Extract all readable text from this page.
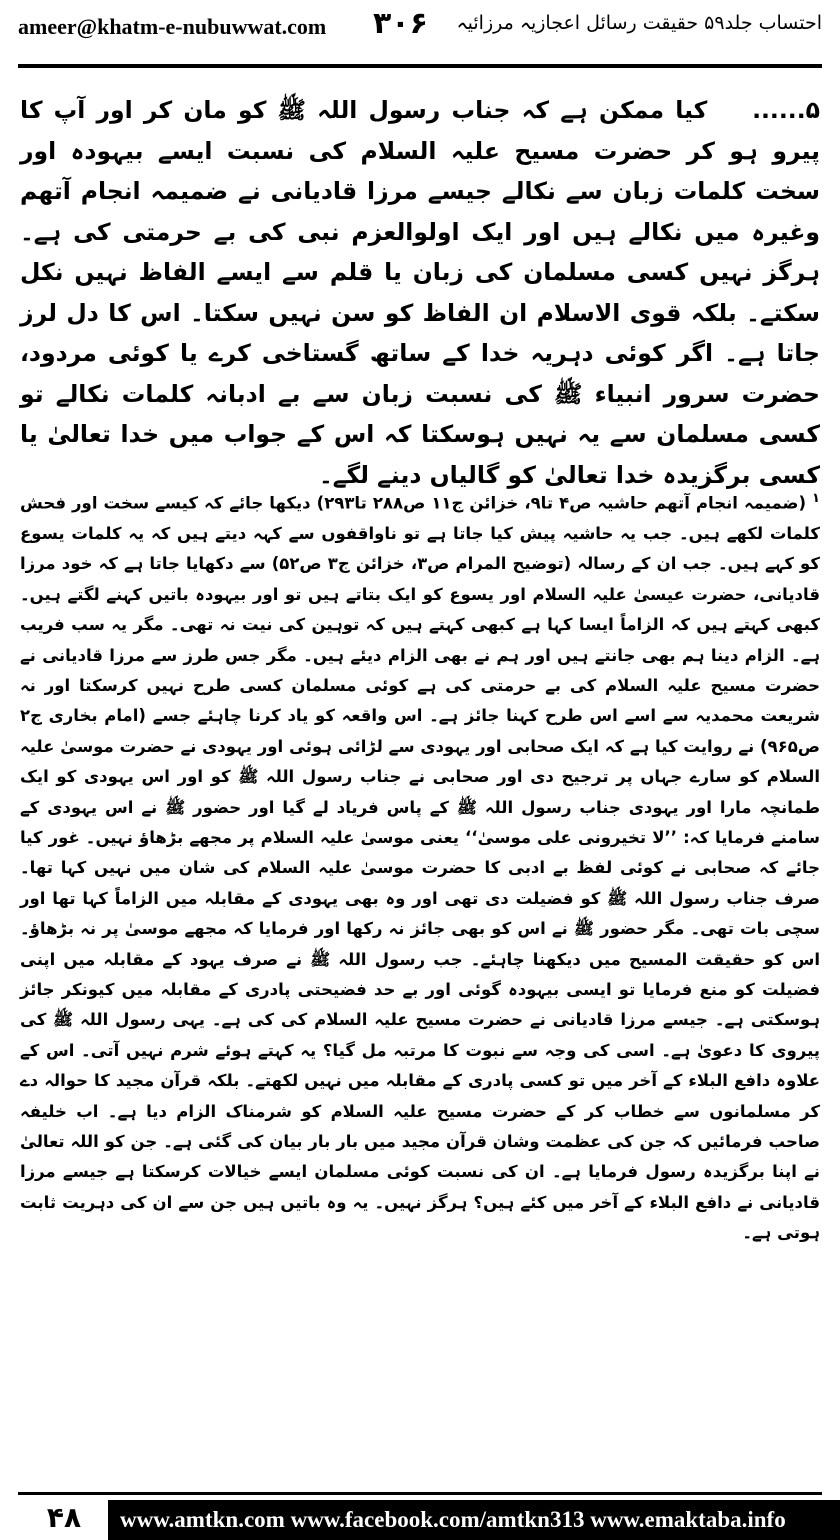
ameer@khatm-e-nubuwwat.com ۳۰۶ احتساب جلد۵۹ حقیقت رسائل اعجازیہ مرزائیہ

۵......    کیا ممکن ہے کہ جناب رسول اللہ ﷺ کو مان کر اور آپ کا پیرو ہو کر حضرت مسیح علیہ السلام کی نسبت ایسے بیہودہ اور سخت کلمات زبان سے نکالے جیسے مرزا قادیانی نے ضمیمہ انجام آتھم وغیرہ میں نکالے ہیں اور ایک اولوالعزم نبی کی بے حرمتی کی ہے۔ ہرگز نہیں کسی مسلمان کی زبان یا قلم سے ایسے الفاظ نہیں نکل سکتے۔ بلکہ قوی الاسلام ان الفاظ کو سن نہیں سکتا۔ اس کا دل لرز جاتا ہے۔ اگر کوئی دہریہ خدا کے ساتھ گستاخی کرے یا کوئی مردود، حضرت سرور انبیاء ﷺ کی نسبت زبان سے بے ادبانہ کلمات نکالے تو کسی مسلمان سے یہ نہیں ہوسکتا کہ اس کے جواب میں خدا تعالیٰ یا کسی برگزیدہ خدا تعالیٰ کو گالیاں دینے لگے۔

$^۱$ (ضمیمہ انجام آتھم حاشیہ ص۴ تا۹، خزائن ج۱۱ ص۲۸۸ تا۲۹۳) دیکھا جائے کہ کیسے سخت اور فحش کلمات لکھے ہیں۔ جب یہ حاشیہ پیش کیا جاتا ہے تو ناواقفوں سے کہہ دیتے ہیں کہ یہ کلمات یسوع کو کہے ہیں۔ جب ان کے رسالہ (توضیح المرام ص۳، خزائن ج۳ ص۵۲) سے دکھایا جاتا ہے کہ خود مرزا قادیانی، حضرت عیسیٰ علیہ السلام اور یسوع کو ایک بتاتے ہیں تو اور بیہودہ باتیں کہنے لگتے ہیں۔ کبھی کہتے ہیں کہ الزاماً ایسا کہا ہے کبھی کہتے ہیں کہ توہین کی نیت نہ تھی۔ مگر یہ سب فریب ہے۔ الزام دینا ہم بھی جانتے ہیں اور ہم نے بھی الزام دیئے ہیں۔ مگر جس طرز سے مرزا قادیانی نے حضرت مسیح علیہ السلام کی بے حرمتی کی ہے کوئی مسلمان کسی طرح نہیں کرسکتا اور نہ شریعت محمدیہ سے اسے اس طرح کہنا جائز ہے۔ اس واقعہ کو یاد کرنا چاہئے جسے (امام بخاری ج۲ ص۹۶۵) نے روایت کیا ہے کہ ایک صحابی اور یہودی سے لڑائی ہوئی اور یہودی نے حضرت موسیٰ علیہ السلام کو سارے جہاں پر ترجیح دی اور صحابی نے جناب رسول اللہ ﷺ کو اور اس یہودی کو ایک طمانچہ مارا اور یہودی جناب رسول اللہ ﷺ کے پاس فریاد لے گیا اور حضور ﷺ نے اس یہودی کے سامنے فرمایا کہ: ’’لا تخیرونی علی موسیٰ‘‘ یعنی موسیٰ علیہ السلام پر مجھے بڑھاؤ نہیں۔ غور کیا جائے کہ صحابی نے کوئی لفظ بے ادبی کا حضرت موسیٰ علیہ السلام کی شان میں نہیں کہا تھا۔ صرف جناب رسول اللہ ﷺ کو فضیلت دی تھی اور وہ بھی یہودی کے مقابلہ میں الزاماً کہا تھا اور سچی بات تھی۔ مگر حضور ﷺ نے اس کو بھی جائز نہ رکھا اور فرمایا کہ مجھے موسیٰ پر نہ بڑھاؤ۔ اس کو حقیقت المسیح میں دیکھنا چاہئے۔ جب رسول اللہ ﷺ نے صرف یہود کے مقابلہ میں اپنی فضیلت کو منع فرمایا تو ایسی بیہودہ گوئی اور بے حد فضیحتی پادری کے مقابلہ میں کیونکر جائز ہوسکتی ہے۔ جیسے مرزا قادیانی نے حضرت مسیح علیہ السلام کی کی ہے۔ یہی رسول اللہ ﷺ کی پیروی کا دعویٰ ہے۔ اسی کی وجہ سے نبوت کا مرتبہ مل گیا؟ یہ کہتے ہوئے شرم نہیں آتی۔ اس کے علاوہ دافع البلاء کے آخر میں تو کسی پادری کے مقابلہ میں نہیں لکھتے۔ بلکہ قرآن مجید کا حوالہ دے کر مسلمانوں سے خطاب کر کے حضرت مسیح علیہ السلام کو شرمناک الزام دیا ہے۔ اب خلیفہ صاحب فرمائیں کہ جن کی عظمت وشان قرآن مجید میں بار بار بیان کی گئی ہے۔ جن کو اللہ تعالیٰ نے اپنا برگزیدہ رسول فرمایا ہے۔ ان کی نسبت کوئی مسلمان ایسے خیالات کرسکتا ہے جیسے مرزا قادیانی نے دافع البلاء کے آخر میں کئے ہیں؟ ہرگز نہیں۔ یہ وہ باتیں ہیں جن سے ان کی دہریت ثابت ہوتی ہے۔

۴۸	www.amtkn.com www.facebook.com/amtkn313 www.emaktaba.info
